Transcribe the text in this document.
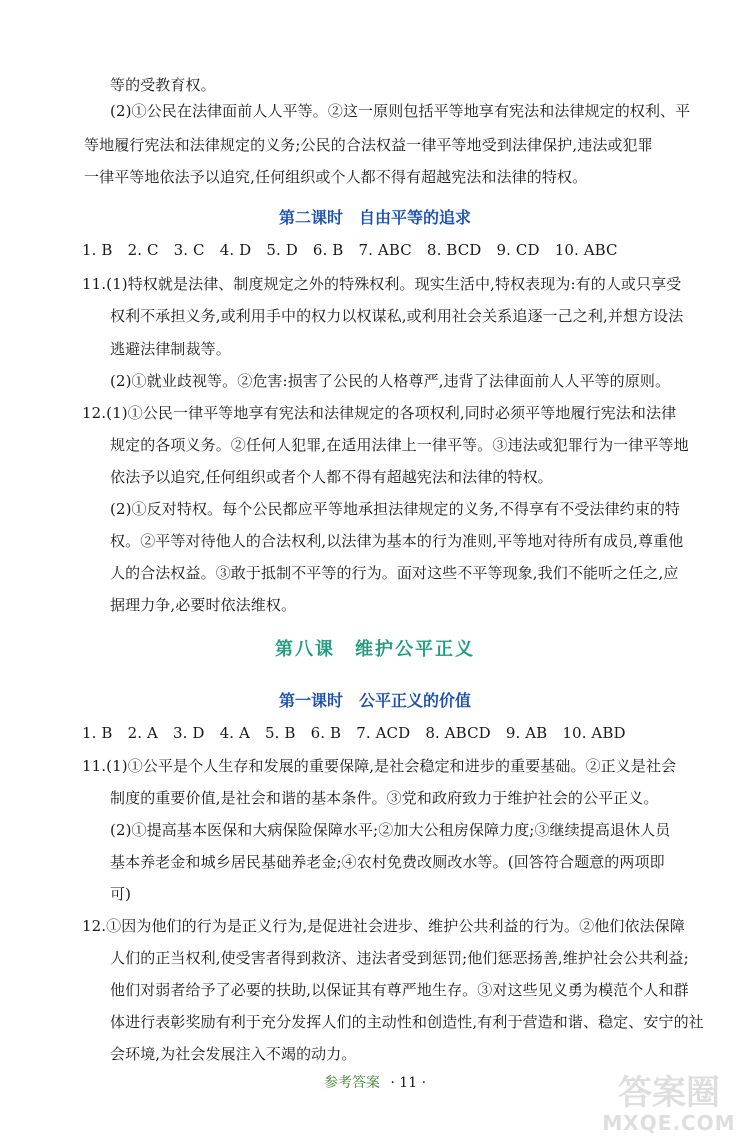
等的受教育权。
(2)①公民在法律面前人人平等。②这一原则包括平等地享有宪法和法律规定的权利、平
等地履行宪法和法律规定的义务;公民的合法权益一律平等地受到法律保护,违法或犯罪
一律平等地依法予以追究,任何组织或个人都不得有超越宪法和法律的特权。
第二课时　自由平等的追求
1. B　2. C　3. C　4. D　5. D　6. B　7. ABC　8. BCD　9. CD　10. ABC
11.(1)特权就是法律、制度规定之外的特殊权利。现实生活中,特权表现为:有的人或只享受
权利不承担义务,或利用手中的权力以权谋私,或利用社会关系追逐一己之利,并想方设法
逃避法律制裁等。
(2)①就业歧视等。②危害:损害了公民的人格尊严,违背了法律面前人人平等的原则。
12.(1)①公民一律平等地享有宪法和法律规定的各项权利,同时必须平等地履行宪法和法律
规定的各项义务。②任何人犯罪,在适用法律上一律平等。③违法或犯罪行为一律平等地
依法予以追究,任何组织或者个人都不得有超越宪法和法律的特权。
(2)①反对特权。每个公民都应平等地承担法律规定的义务,不得享有不受法律约束的特
权。②平等对待他人的合法权利,以法律为基本的行为准则,平等地对待所有成员,尊重他
人的合法权益。③敢于抵制不平等的行为。面对这些不平等现象,我们不能听之任之,应
据理力争,必要时依法维权。
第八课　维护公平正义
第一课时　公平正义的价值
1. B　2. A　3. D　4. A　5. B　6. B　7. ACD　8. ABCD　9. AB　10. ABD
11.(1)①公平是个人生存和发展的重要保障,是社会稳定和进步的重要基础。②正义是社会
制度的重要价值,是社会和谐的基本条件。③党和政府致力于维护社会的公平正义。
(2)①提高基本医保和大病保险保障水平;②加大公租房保障力度;③继续提高退休人员
基本养老金和城乡居民基础养老金;④农村免费改厕改水等。(回答符合题意的两项即
可)
12.①因为他们的行为是正义行为,是促进社会进步、维护公共利益的行为。②他们依法保障
人们的正当权利,使受害者得到救济、违法者受到惩罚;他们惩恶扬善,维护社会公共利益;
他们对弱者给予了必要的扶助,以保证其有尊严地生存。③对这些见义勇为模范个人和群
体进行表彰奖励有利于充分发挥人们的主动性和创造性,有利于营造和谐、稳定、安宁的社
会环境,为社会发展注入不竭的动力。
参考答案 · 11 ·	答案圈
MXQE.COM
